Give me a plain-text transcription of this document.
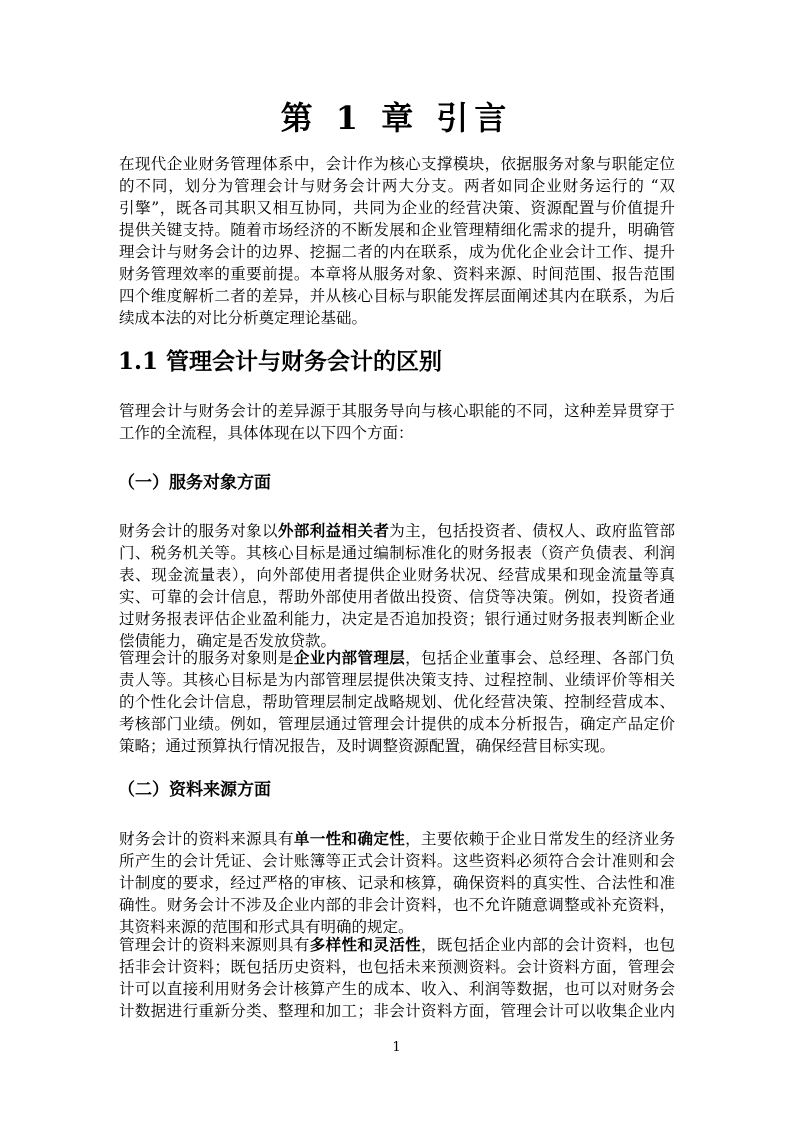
第 1 章 引言
在现代企业财务管理体系中，会计作为核心支撑模块，依据服务对象与职能定位
的不同，划分为管理会计与财务会计两大分支。两者如同企业财务运行的 “双
引擎”，既各司其职又相互协同，共同为企业的经营决策、资源配置与价值提升
提供关键支持。随着市场经济的不断发展和企业管理精细化需求的提升，明确管
理会计与财务会计的边界、挖掘二者的内在联系，成为优化企业会计工作、提升
财务管理效率的重要前提。本章将从服务对象、资料来源、时间范围、报告范围
四个维度解析二者的差异，并从核心目标与职能发挥层面阐述其内在联系，为后
续成本法的对比分析奠定理论基础。
1.1 管理会计与财务会计的区别
管理会计与财务会计的差异源于其服务导向与核心职能的不同，这种差异贯穿于
工作的全流程，具体体现在以下四个方面：
（一）服务对象方面
财务会计的服务对象以外部利益相关者为主，包括投资者、债权人、政府监管部
门、税务机关等。其核心目标是通过编制标准化的财务报表（资产负债表、利润
表、现金流量表），向外部使用者提供企业财务状况、经营成果和现金流量等真
实、可靠的会计信息，帮助外部使用者做出投资、信贷等决策。例如，投资者通
过财务报表评估企业盈利能力，决定是否追加投资；银行通过财务报表判断企业
偿债能力，确定是否发放贷款。
管理会计的服务对象则是企业内部管理层，包括企业董事会、总经理、各部门负
责人等。其核心目标是为内部管理层提供决策支持、过程控制、业绩评价等相关
的个性化会计信息，帮助管理层制定战略规划、优化经营决策、控制经营成本、
考核部门业绩。例如，管理层通过管理会计提供的成本分析报告，确定产品定价
策略；通过预算执行情况报告，及时调整资源配置，确保经营目标实现。
（二）资料来源方面
财务会计的资料来源具有单一性和确定性，主要依赖于企业日常发生的经济业务
所产生的会计凭证、会计账簿等正式会计资料。这些资料必须符合会计准则和会
计制度的要求，经过严格的审核、记录和核算，确保资料的真实性、合法性和准
确性。财务会计不涉及企业内部的非会计资料，也不允许随意调整或补充资料，
其资料来源的范围和形式具有明确的规定。
管理会计的资料来源则具有多样性和灵活性，既包括企业内部的会计资料，也包
括非会计资料；既包括历史资料，也包括未来预测资料。会计资料方面，管理会
计可以直接利用财务会计核算产生的成本、收入、利润等数据，也可以对财务会
计数据进行重新分类、整理和加工；非会计资料方面，管理会计可以收集企业内
1
